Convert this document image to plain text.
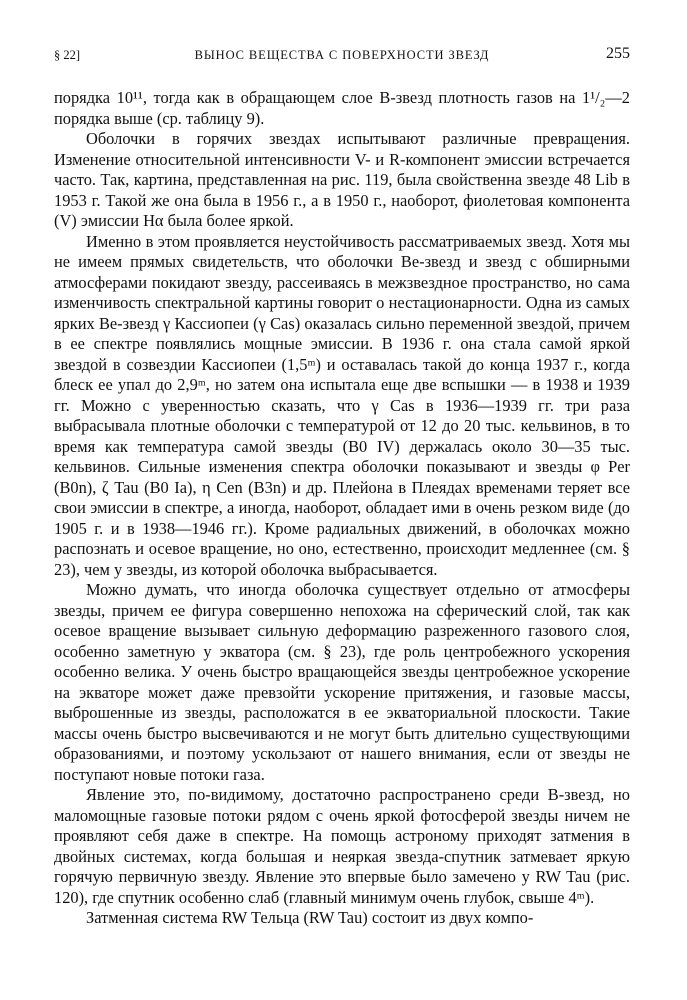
§ 22]	ВЫНОС ВЕЩЕСТВА С ПОВЕРХНОСТИ ЗВЕЗД	255

порядка 10¹¹, тогда как в обращающем слое В-звезд плотность газов на 1¹/₂—2 порядка выше (ср. таблицу 9).

Оболочки в горячих звездах испытывают различные превращения. Изменение относительной интенсивности V- и R-компонент эмиссии встречается часто. Так, картина, представленная на рис. 119, была свойственна звезде 48 Lib в 1953 г. Такой же она была в 1956 г., а в 1950 г., наоборот, фиолетовая компонента (V) эмиссии Hα была более яркой.

Именно в этом проявляется неустойчивость рассматриваемых звезд. Хотя мы не имеем прямых свидетельств, что оболочки Ве-звезд и звезд с обширными атмосферами покидают звезду, рассеиваясь в межзвездное пространство, но сама изменчивость спектральной картины говорит о нестационарности. Одна из самых ярких Ве-звезд γ Кассиопеи (γ Cas) оказалась сильно переменной звездой, причем в ее спектре появлялись мощные эмиссии. В 1936 г. она стала самой яркой звездой в созвездии Кассиопеи (1,5ᵐ) и оставалась такой до конца 1937 г., когда блеск ее упал до 2,9ᵐ, но затем она испытала еще две вспышки — в 1938 и 1939 гг. Можно с уверенностью сказать, что γ Cas в 1936—1939 гг. три раза выбрасывала плотные оболочки с температурой от 12 до 20 тыс. кельвинов, в то время как температура самой звезды (B0 IV) держалась около 30—35 тыс. кельвинов. Сильные изменения спектра оболочки показывают и звезды φ Per (B0n), ζ Tau (B0 Ia), η Cen (B3n) и др. Плейона в Плеядах временами теряет все свои эмиссии в спектре, а иногда, наоборот, обладает ими в очень резком виде (до 1905 г. и в 1938—1946 гг.). Кроме радиальных движений, в оболочках можно распознать и осевое вращение, но оно, естественно, происходит медленнее (см. § 23), чем у звезды, из которой оболочка выбрасывается.

Можно думать, что иногда оболочка существует отдельно от атмосферы звезды, причем ее фигура совершенно непохожа на сферический слой, так как осевое вращение вызывает сильную деформацию разреженного газового слоя, особенно заметную у экватора (см. § 23), где роль центробежного ускорения особенно велика. У очень быстро вращающейся звезды центробежное ускорение на экваторе может даже превзойти ускорение притяжения, и газовые массы, выброшенные из звезды, расположатся в ее экваториальной плоскости. Такие массы очень быстро высвечиваются и не могут быть длительно существующими образованиями, и поэтому ускользают от нашего внимания, если от звезды не поступают новые потоки газа.

Явление это, по-видимому, достаточно распространено среди В-звезд, но маломощные газовые потоки рядом с очень яркой фотосферой звезды ничем не проявляют себя даже в спектре. На помощь астроному приходят затмения в двойных системах, когда большая и неяркая звезда-спутник затмевает яркую горячую первичную звезду. Явление это впервые было замечено у RW Tau (рис. 120), где спутник особенно слаб (главный минимум очень глубок, свыше 4ᵐ).

Затменная система RW Тельца (RW Tau) состоит из двух компо-
